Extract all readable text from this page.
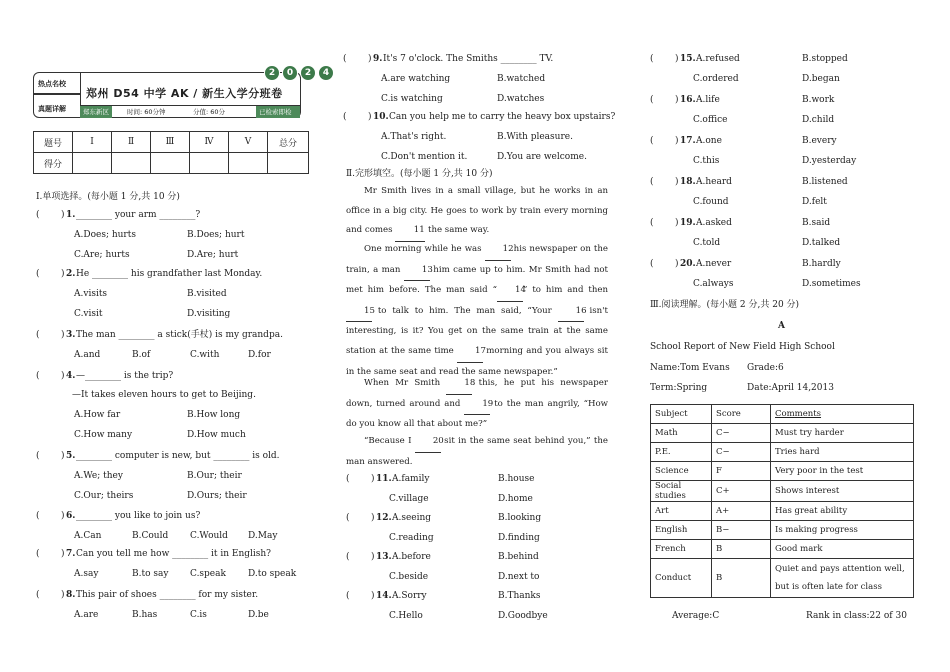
热点名校
真题详解
郑州 D54 中学 AK / 新生入学分班卷
2	0	2	4
郑东新区	时间: 60分钟	分值: 60分	已检索即检索
题号	Ⅰ	Ⅱ	Ⅲ	Ⅳ	Ⅴ	总分
得分						
Ⅰ.单项选择。(每小题 1 分,共 10 分)
( ) 1. ________ your arm ________?
A.Does; hurts	B.Does; hurt
C.Are; hurts	D.Are; hurt
( ) 2. He ________ his grandfather last Monday.
A.visits	B.visited
C.visit	D.visiting
( ) 3. The man ________ a stick(手杖) is my grandpa.
A.and	B.of	C.with	D.for
( ) 4. —________ is the trip?
—It takes eleven hours to get to Beijing.
A.How far	B.How long
C.How many	D.How much
( ) 5. ________ computer is new, but ________ is old.
A.We; they	B.Our; their
C.Our; theirs	D.Ours; their
( ) 6. ________ you like to join us?
A.Can	B.Could C.Would D.May
( ) 7. Can you tell me how ________ it in English?
A.say	B.to say C.speak D.to speak
( ) 8. This pair of shoes ________ for my sister.
A.are	B.has	C.is	D.be
( ) 9. It's 7 o'clock. The Smiths ________ TV.
A.are watching	B.watched
C.is watching	D.watches
( ) 10. Can you help me to carry the heavy box upstairs?
A.That's right.	B.With pleasure.
C.Don't mention it.	D.You are welcome.
Ⅱ.完形填空。(每小题 1 分,共 10 分)
Mr Smith lives in a small village, but he works in an office in a big city. He goes to work by train every morning and comes 11 the same way.
One morning while he was 12 his newspaper on the train, a man 13 him came up to him. Mr Smith had not met him before. The man said “ 14” to him and then 15 to talk to him. The man said, “Your 16 isn't interesting, is it? You get on the same train at the same station at the same time 17 morning and you always sit in the same seat and read the same newspaper.”
When Mr Smith 18 this, he put his newspaper down, turned around and 19 to the man angrily, “How do you know all that about me?”
“Because I 20 sit in the same seat behind you,” the man answered.
( ) 11. A.family	B.house
C.village	D.home
( ) 12. A.seeing	B.looking
C.reading	D.finding
( ) 13. A.before	B.behind
C.beside	D.next to
( ) 14. A.Sorry	B.Thanks
C.Hello	D.Goodbye
( ) 15. A.refused	B.stopped
C.ordered	D.began
( ) 16. A.life	B.work
C.office	D.child
( ) 17. A.one	B.every
C.this	D.yesterday
( ) 18. A.heard	B.listened
C.found	D.felt
( ) 19. A.asked	B.said
C.told	D.talked
( ) 20. A.never	B.hardly
C.always	D.sometimes
Ⅲ.阅读理解。(每小题 2 分,共 20 分)
A
School Report of New Field High School
Name:Tom Evans Grade:6
Term:Spring	Date:April 14,2013
Subject	Score	Comments
Math	C−	Must try harder
P.E.	C−	Tries hard
Science	F	Very poor in the test
Social studies	C+	Shows interest
Art	A+	Has great ability
English	B−	Is making progress
French	B	Good mark
Conduct	B	Quiet and pays attention well, but is often late for class
Average:C	Rank in class:22 of 30
